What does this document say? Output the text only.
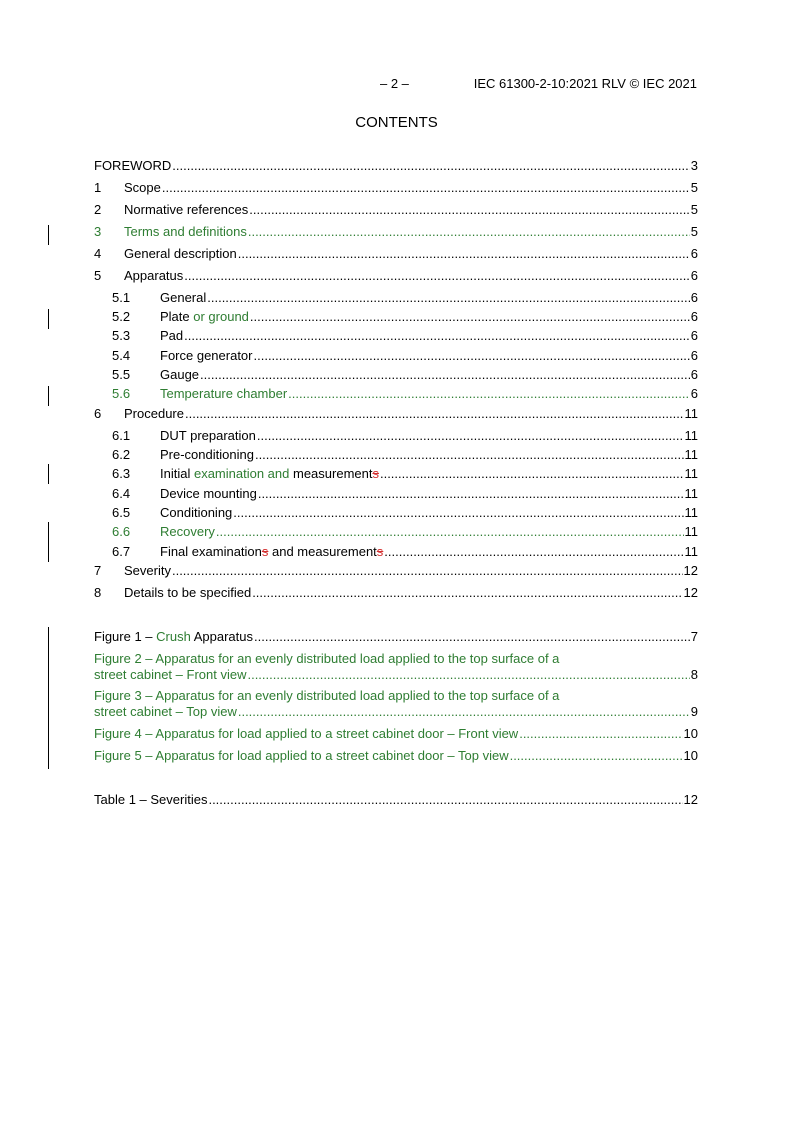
– 2 –	IEC 61300-2-10:2021 RLV © IEC 2021
CONTENTS
FOREWORD .....	3
1	Scope .....	5
2	Normative references .....	5
3	Terms and definitions .....	5
4	General description .....	6
5	Apparatus .....	6
5.1	General .....	6
5.2	Plate or ground .....	6
5.3	Pad .....	6
5.4	Force generator .....	6
5.5	Gauge .....	6
5.6	Temperature chamber .....	6
6	Procedure .....	11
6.1	DUT preparation .....	11
6.2	Pre-conditioning .....	11
6.3	Initial examination and measurement s .....	11
6.4	Device mounting .....	11
6.5	Conditioning .....	11
6.6	Recovery .....	11
6.7	Final examination s and measurement s .....	11
7	Severity .....	12
8	Details to be specified .....	12
Figure 1 – Crush Apparatus .....	7
Figure 2 – Apparatus for an evenly distributed load applied to the top surface of a
street cabinet – Front view .....	8
Figure 3 – Apparatus for an evenly distributed load applied to the top surface of a
street cabinet – Top view .....	9
Figure 4 – Apparatus for load applied to a street cabinet door – Front view .....	10
Figure 5 – Apparatus for load applied to a street cabinet door – Top view .....	10
Table 1 – Severities .....	12
